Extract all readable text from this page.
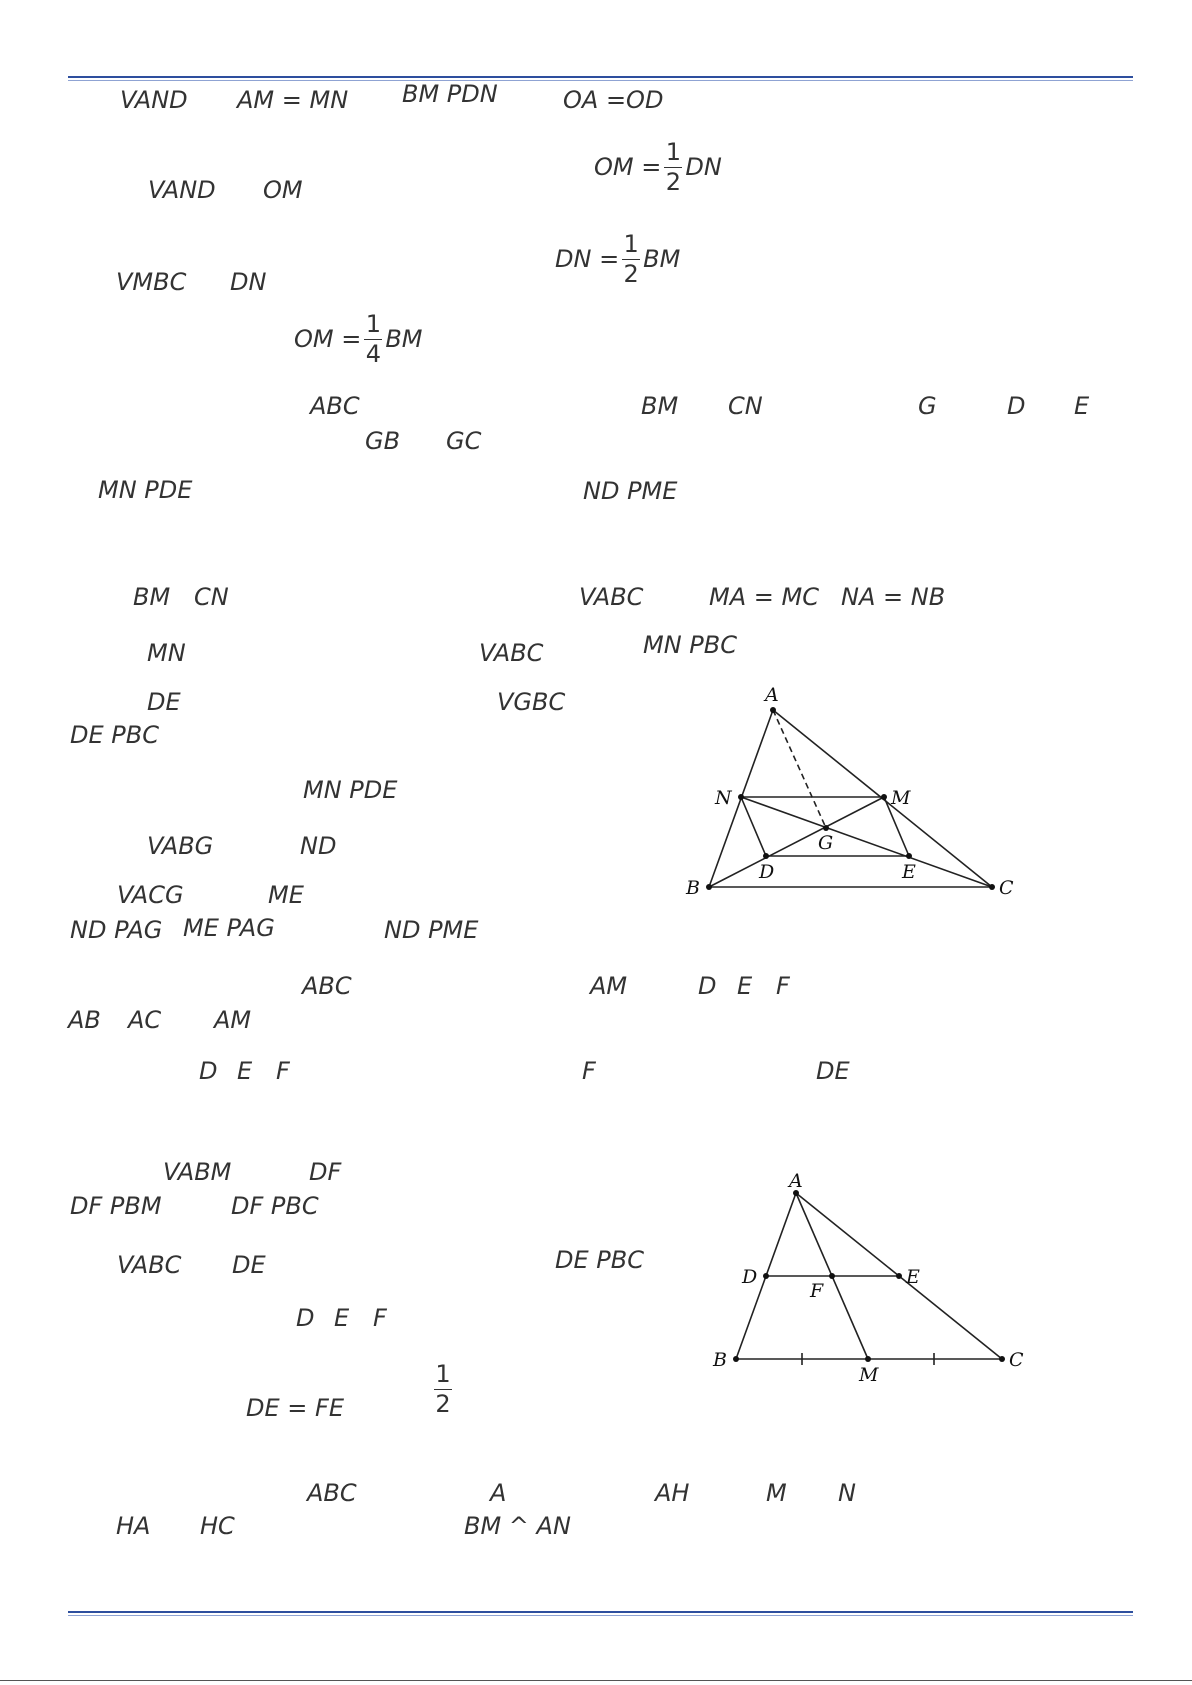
VAND AM = MN BM PDN	OA =OD
VAND OM
OM = $\frac{1}{2}$ DN
VMBC DN
DN = $\frac{1}{2}$ BM
OM = $\frac{1}{4}$ BM
ABC	BM CN	G	D E
GB GC
MN PDE	ND PME
BM CN	VABC	MA = MC NA = NB
MN	VABC	MN PBC
DE	VGBC
DE PBC
MN PDE
VABG	ND
VACG	ME
ND PAG ME PAG	ND PME
ABC	AM	D E F
AB AC AM
D E F	F	DE
VABM	DF
DF PBM	DF PBC
VABC DE	DE PBC
D E F
DE = FE
1
2
ABC	A	AH	M N
HA HC	BM ^ AN
A
N	M
G
D	E
B	C
A
D
F
E
B
M
C
